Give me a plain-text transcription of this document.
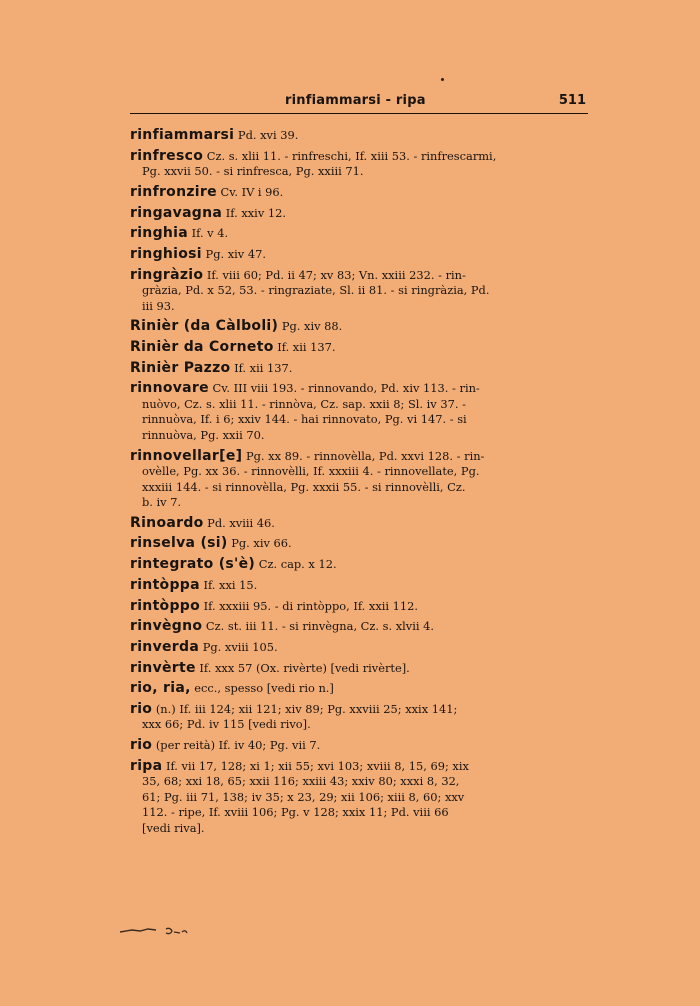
rinfiammarsi - ripa	511
rinfiammarsi Pd. xvi 39.
rinfresco Cz. s. xlii 11. - rinfreschi, If. xiii 53. - rinfrescarmi,
Pg. xxvii 50. - si rinfresca, Pg. xxiii 71.
rinfronzire Cv. IV i 96.
ringavagna If. xxiv 12.
ringhia If. v 4.
ringhiosi Pg. xiv 47.
ringràzio If. viii 60; Pd. ii 47; xv 83; Vn. xxiii 232. - rin-
gràzia, Pd. x 52, 53. - ringraziate, Sl. ii 81. - si ringràzia, Pd.
iii 93.
Rinièr (da Càlboli) Pg. xiv 88.
Rinièr da Corneto If. xii 137.
Rinièr Pazzo If. xii 137.
rinnovare Cv. III viii 193. - rinnovando, Pd. xiv 113. - rin-
nuòvo, Cz. s. xlii 11. - rinnòva, Cz. sap. xxii 8; Sl. iv 37. -
rinnuòva, If. i 6; xxiv 144. - hai rinnovato, Pg. vi 147. - si
rinnuòva, Pg. xxii 70.
rinnovellar[e] Pg. xx 89. - rinnovèlla, Pd. xxvi 128. - rin-
ovèlle, Pg. xx 36. - rinnovèlli, If. xxxiii 4. - rinnovellate, Pg.
xxxiii 144. - si rinnovèlla, Pg. xxxii 55. - si rinnovèlli, Cz.
b. iv 7.
Rinoardo Pd. xviii 46.
rinselva (si) Pg. xiv 66.
rintegrato (s'è) Cz. cap. x 12.
rintòppa If. xxi 15.
rintòppo If. xxxiii 95. - di rintòppo, If. xxii 112.
rinvègno Cz. st. iii 11. - si rinvègna, Cz. s. xlvii 4.
rinverda Pg. xviii 105.
rinvèrte If. xxx 57 (Ox. rivèrte) [vedi rivèrte].
rio, ria, ecc., spesso [vedi rio n.]
rio (n.) If. iii 124; xii 121; xiv 89; Pg. xxviii 25; xxix 141;
xxx 66; Pd. iv 115 [vedi rivo].
rio (per reità) If. iv 40; Pg. vii 7.
ripa If. vii 17, 128; xi 1; xii 55; xvi 103; xviii 8, 15, 69; xix
35, 68; xxi 18, 65; xxii 116; xxiii 43; xxiv 80; xxxi 8, 32,
61; Pg. iii 71, 138; iv 35; x 23, 29; xii 106; xiii 8, 60; xxv
112. - ripe, If. xviii 106; Pg. v 128; xxix 11; Pd. viii 66
[vedi riva].
